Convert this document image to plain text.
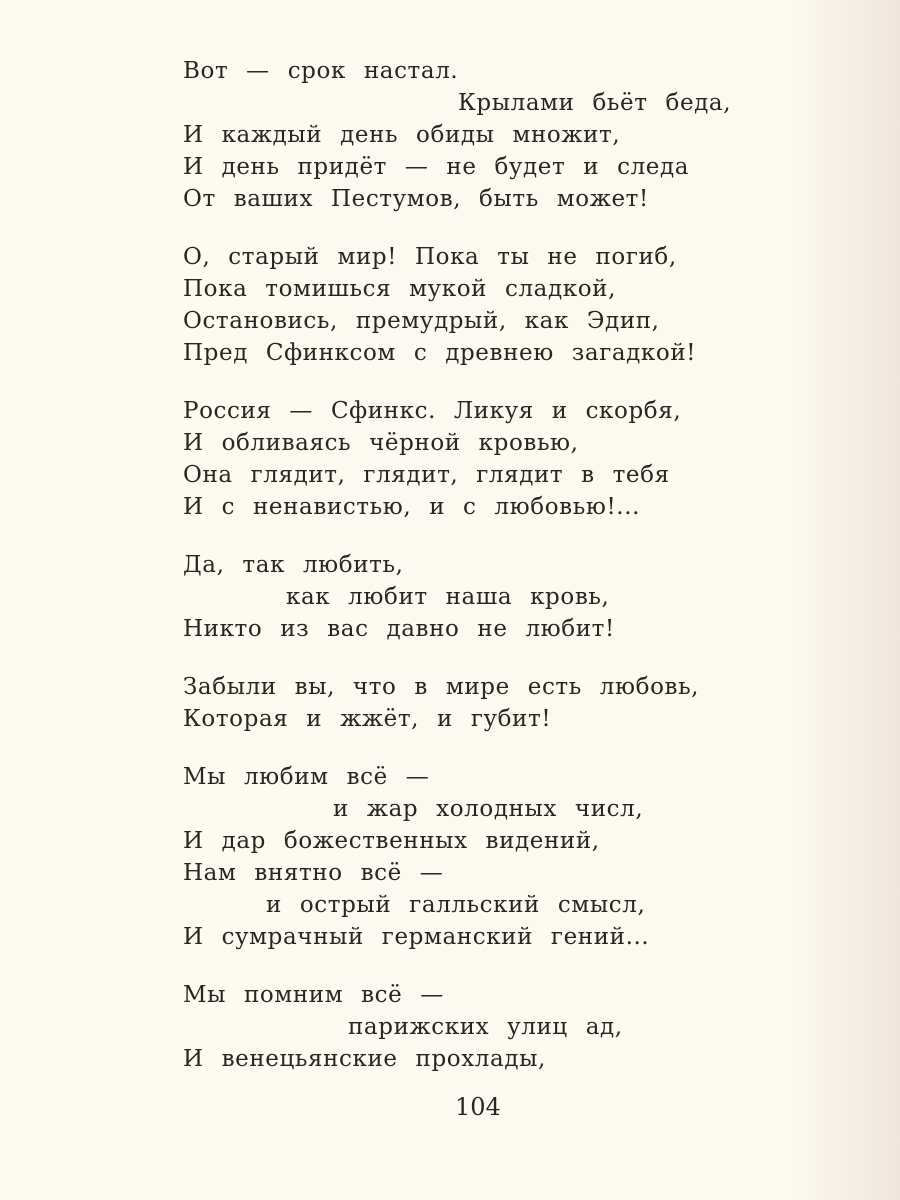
Вот — срок настал.
Крылами бьёт беда,
И каждый день обиды множит,
И день придёт — не будет и следа
От ваших Пестумов, быть может!
О, старый мир! Пока ты не погиб,
Пока томишься мукой сладкой,
Остановись, премудрый, как Эдип,
Пред Сфинксом с древнею загадкой!
Россия — Сфинкс. Ликуя и скорбя,
И обливаясь чёрной кровью,
Она глядит, глядит, глядит в тебя
И с ненавистью, и с любовью!...
Да, так любить,
как любит наша кровь,
Никто из вас давно не любит!
Забыли вы, что в мире есть любовь,
Которая и жжёт, и губит!
Мы любим всё —
и жар холодных числ,
И дар божественных видений,
Нам внятно всё —
и острый галльский смысл,
И сумрачный германский гений...
Мы помним всё —
парижских улиц ад,
И венецьянские прохлады,
104
